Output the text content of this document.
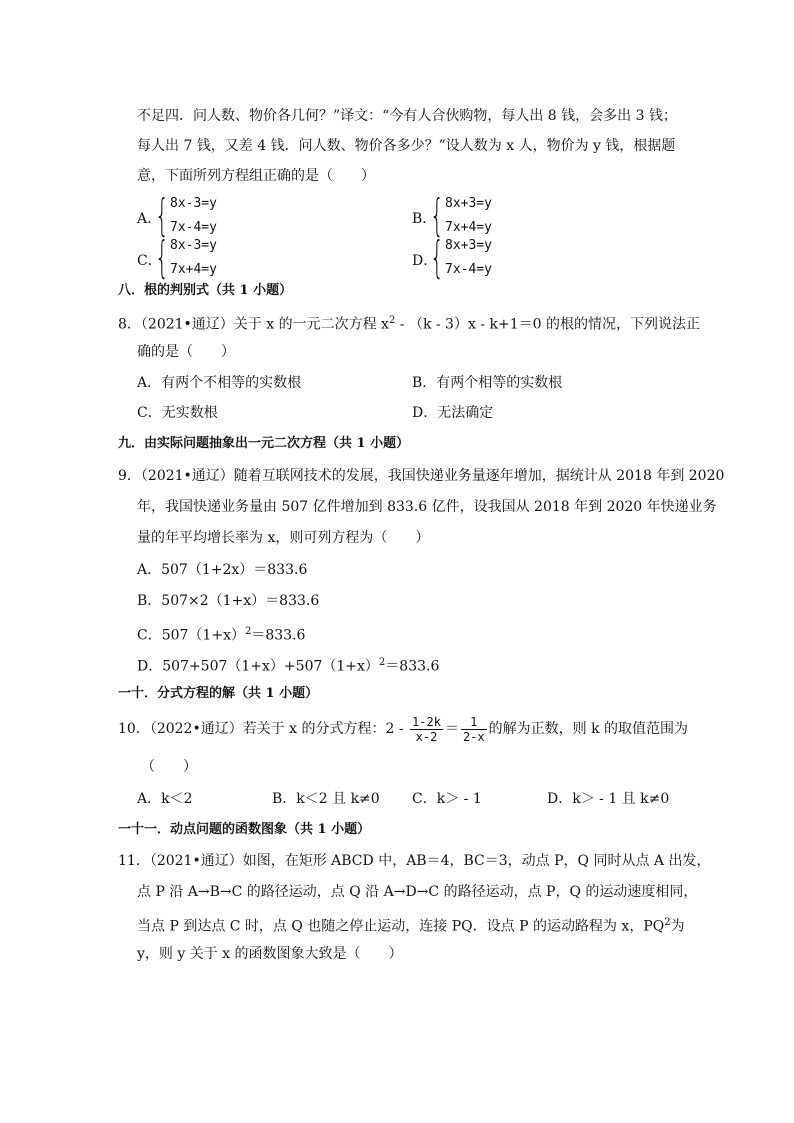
不足四．问人数、物价各几何？”译文：“今有人合伙购物，每人出 8 钱，会多出 3 钱；
每人出 7 钱，又差 4 钱．问人数、物价各多少？”设人数为 x 人，物价为 y 钱，根据题
意，下面所列方程组正确的是（　　）
A．
{ 8x-3=y
7x-4=y
B．
{ 8x+3=y
7x+4=y
C．
{ 8x-3=y
7x+4=y
D．
{ 8x+3=y
7x-4=y
八．根的判别式（共 1 小题）
8．（2021•通辽）关于 x 的一元二次方程 $x^2 - (k - 3)x - k+1=0$ 的根的情况，下列说法正
确的是（　　）
A．有两个不相等的实数根	B．有两个相等的实数根
C．无实数根	D．无法确定
九．由实际问题抽象出一元二次方程（共 1 小题）
9．（2021•通辽）随着互联网技术的发展，我国快递业务量逐年增加，据统计从 2018 年到 2020
年，我国快递业务量由 507 亿件增加到 833.6 亿件，设我国从 2018 年到 2020 年快递业务
量的年平均增长率为 x，则可列方程为（　　）
A．507（1+2x）＝833.6
B．507×2（1+x）＝833.6
C．$507(1+x)^2=833.6$
D．$507+507(1+x)+507(1+x)^2=833.6$
一十．分式方程的解（共 1 小题）
10．（2022•通辽）若关于 x 的分式方程：$2 - \frac{1-2k}{x-2} = \frac{1}{2-x}$ 的解为正数，则 k 的取值范围为
（　　）
A．k＜2	B．k＜2 且 k≠0 C．k＞ - 1	D．k＞ - 1 且 k≠0
一十一．动点问题的函数图象（共 1 小题）
11．（2021•通辽）如图，在矩形 ABCD 中，AB＝4，BC＝3，动点 P，Q 同时从点 A 出发，
点 P 沿 A→B→C 的路径运动，点 Q 沿 A→D→C 的路径运动，点 P，Q 的运动速度相同，
当点 P 到达点 C 时，点 Q 也随之停止运动，连接 PQ．设点 P 的运动路程为 x，$PQ^2$为
y，则 y 关于 x 的函数图象大致是（　　）
